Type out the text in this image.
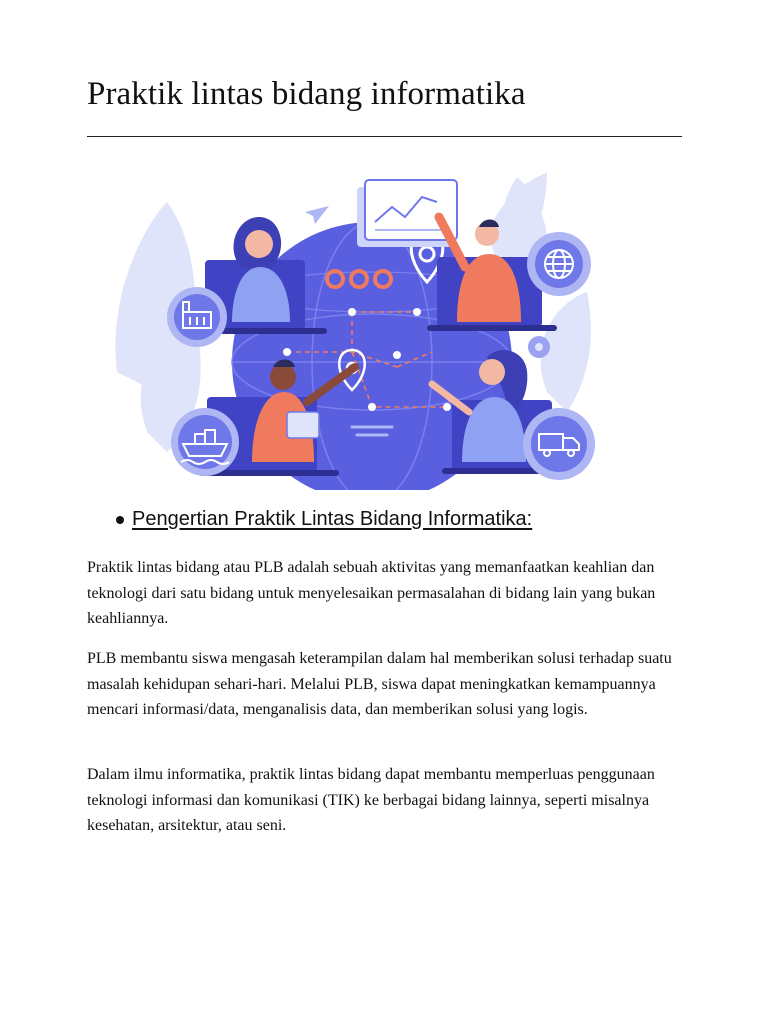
Praktik lintas bidang informatika
Pengertian Praktik Lintas Bidang Informatika:

Praktik lintas bidang atau PLB adalah sebuah aktivitas yang memanfaatkan keahlian dan teknologi dari satu bidang untuk menyelesaikan permasalahan di bidang lain yang bukan keahliannya.

PLB membantu siswa mengasah keterampilan dalam hal memberikan solusi terhadap suatu masalah kehidupan sehari-hari. Melalui PLB, siswa dapat meningkatkan kemampuannya mencari informasi/data, menganalisis data, dan memberikan solusi yang logis.

Dalam ilmu informatika, praktik lintas bidang dapat membantu memperluas penggunaan teknologi informasi dan komunikasi (TIK) ke berbagai bidang lainnya, seperti misalnya kesehatan, arsitektur, atau seni.
